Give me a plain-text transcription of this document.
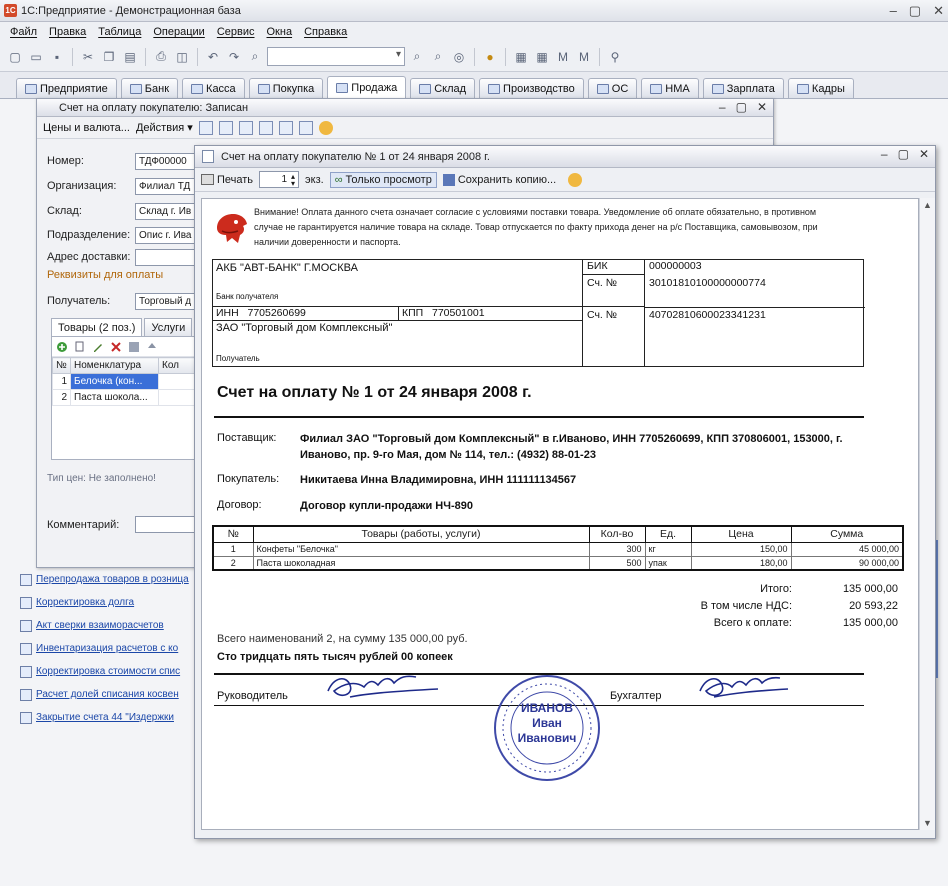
1С 1С:Предприятие - Демонстрационная база	‒ ▢ ✕
Файл	Правка	Таблица	Операции	Сервис	Окна	Справка
▢ ▭	▪	✂ ❐ ▤	⎙ ◫	↶ ↷	⌕ ▾	⌕	⌕	◎	●	▦ ▦ M M	⚲
Предприятие	Банк	Касса	Покупка	Продажа	Склад	Производство	ОС	НМА	Зарплата	Кадры
Перепродажа товаров в розница
Корректировка долга
Акт сверки взаиморасчетов
Инвентаризация расчетов с ко
Корректировка стоимости спис
Расчет долей списания косвен
Закрытие счета 44 "Издержки
Счет на оплату покупателю: Записан	‒ ▢ ✕
Цены и валюта... Действия ▾
Номер:	ТДФ00000
Организация:	Филиал ТД
Склад:	Склад г. Ив
Подразделение: Опис г. Ива
Адрес доставки:
Реквизиты для оплаты
Получатель:	Торговый д
Товары (2 поз.)	Услуги
№	Номенклатура	Кол
1	Белочка (кон...	
2	Паста шокола...	
Тип цен: Не заполнено!
Комментарий:
Счет на оплату покупателю № 1 от 24 января 2008 г.	‒ ▢ ✕
Печать	1 ▴
▾ экз. ∞ Только просмотр Сохранить копию...
Внимание! Оплата данного счета означает согласие с условиями поставки товара. Уведомление об оплате обязательно, в противном случае не гарантируется наличие товара на складе. Товар отпускается по факту прихода денег на р/с Поставщика, самовывозом, при наличии доверенности и паспорта.
АКБ "АВТ-БАНК" Г.МОСКВА
Банк получателя
БИК	000000003
Сч. №	30101810100000000774
ИНН 7705260699	КПП 770501001	Сч. №	40702810600023341231
ЗАО "Торговый дом Комплексный"
Получатель
Счет на оплату № 1 от 24 января 2008 г.
Поставщик: Филиал ЗАО "Торговый дом Комплексный" в г.Иваново, ИНН 7705260699, КПП 370806001, 153000, г. Иваново, пр. 9-го Мая, дом № 114, тел.: (4932) 88-01-23
Покупатель: Никитаева Инна Владимировна, ИНН 111111134567
Договор:	Договор купли-продажи НЧ-890
№	Товары (работы, услуги)	Кол-во	Ед.	Цена	Сумма
1	Конфеты "Белочка"	300	кг	150,00	45 000,00
2	Паста шоколадная	500	упак	180,00	90 000,00
Итого:	135 000,00
В том числе НДС:	20 593,22
Всего к оплате:	135 000,00
Всего наименований 2, на сумму 135 000,00 руб.
Сто тридцать пять тысяч рублей 00 копеек
Руководитель	Бухгалтер
ИВАНОВ
Иван
Иванович
▲
▼
